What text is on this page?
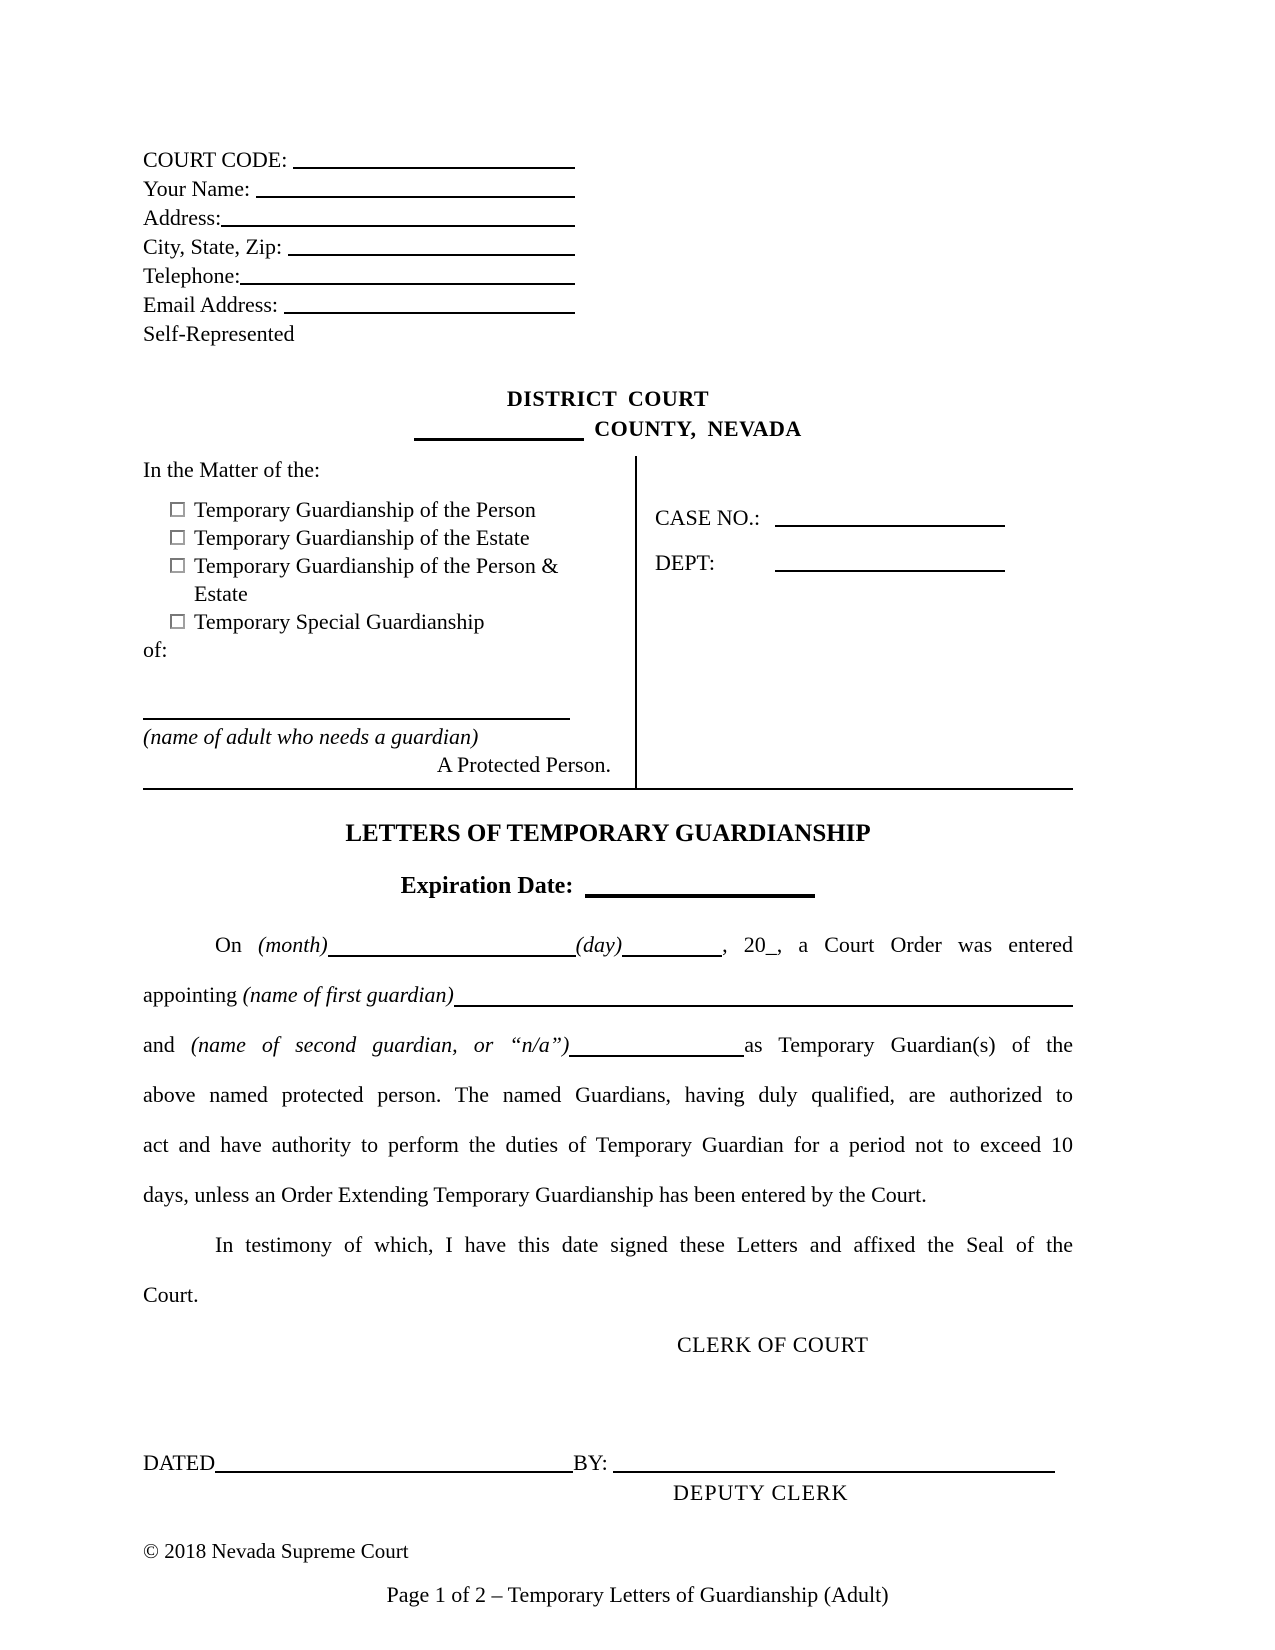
COURT CODE:
Your Name:
Address:
City, State, Zip:
Telephone:
Email Address:
Self-Represented
DISTRICT COURT
COUNTY, NEVADA
In the Matter of the:
Temporary Guardianship of the Person
Temporary Guardianship of the Estate
Temporary Guardianship of the Person & Estate
Temporary Special Guardianship
of:
(name of adult who needs a guardian)
A Protected Person.
CASE NO.:
DEPT:
LETTERS OF TEMPORARY GUARDIANSHIP
Expiration Date:
On (month)	(day)	, 20_, a Court Order was entered
appointing (name of first guardian)
and (name of second guardian, or “n/a”)	as Temporary Guardian(s) of the
above named protected person. The named Guardians, having duly qualified, are authorized to
act and have authority to perform the duties of Temporary Guardian for a period not to exceed 10
days, unless an Order Extending Temporary Guardianship has been entered by the Court.
In testimony of which, I have this date signed these Letters and affixed the Seal of the
Court.
CLERK OF COURT
DATED	BY:
DEPUTY CLERK
© 2018 Nevada Supreme Court
Page 1 of 2 – Temporary Letters of Guardianship (Adult)
